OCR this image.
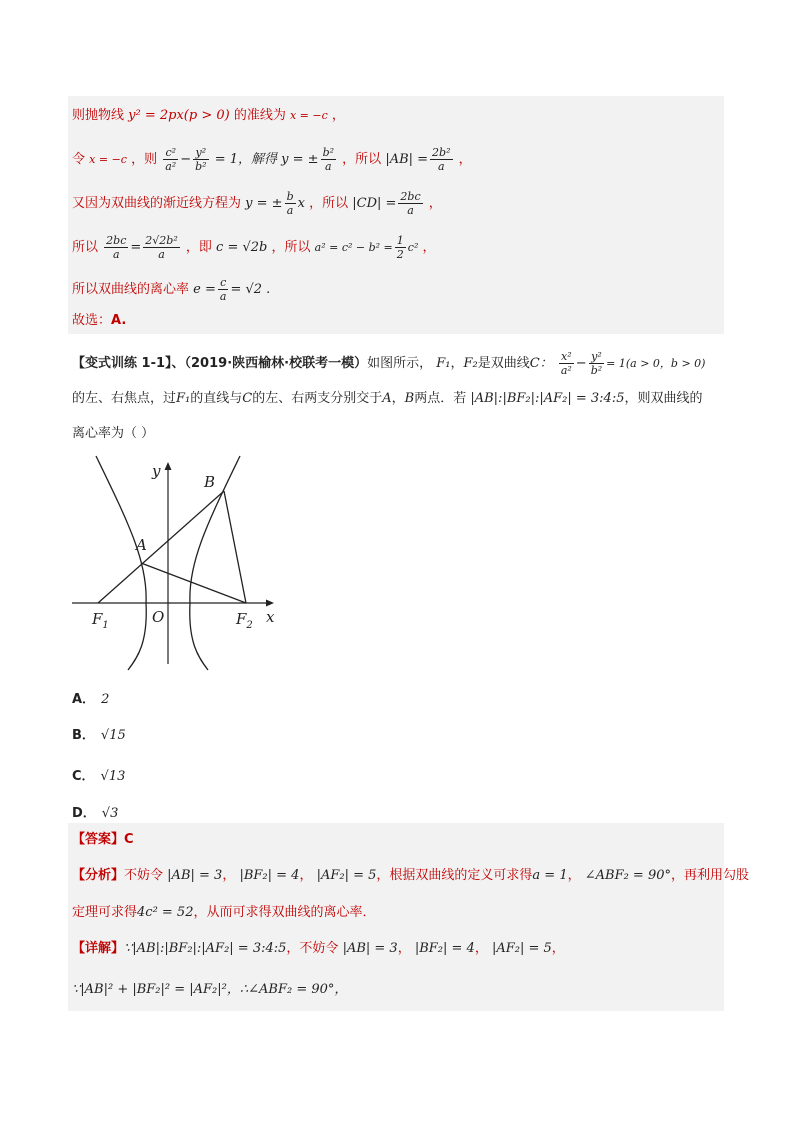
则抛物线 y² = 2px(p > 0) 的准线为 x = −c ，
令 x = −c ，则 $\frac{\text{c²}}{\text{a²}} - \frac{\text{y²}}{\text{b²}} = 1$，解得 y = ± $\frac{\text{b²}}{a}$ ，所以 $|AB| = \frac{\text{2b²}}{a}$ ，
又因为双曲线的渐近线方程为 y = ± $\frac{b}{a}$ x ，所以 $|CD| = \frac{2bc}{a}$ ，
所以 $\frac{2bc}{a} = \frac{\text{2√2b²}}{a}$ ，即 c = √2b ，所以 $a^2 = c^2 - b^2 = \frac{1}{2} c^2$ ，
所以双曲线的离心率 $e = \frac{c}{a} = √2$ .
故选：A.
【变式训练 1-1】、（2019·陕西榆林·校联考一模）如图所示， F₁，F₂是双曲线C： $\frac{\text{x²}}{\text{a²}} - \frac{\text{y²}}{\text{b²}} = 1(a > 0$，b > 0)
的左、右焦点，过F₁的直线与C的左、右两支分别交于A，B两点．若 |AB|:|BF₂|:|AF₂| = 3:4:5，则双曲线的
离心率为（ ）
y
B
A
O	x
$F_1$	$F_2$
A． 2
B． √15
C． √13
D． √3
【答案】C
【分析】不妨令 |AB| = 3， |BF₂| = 4， |AF₂| = 5，根据双曲线的定义可求得a = 1， ∠ABF₂ = 90°，再利用勾股
定理可求得4c² = 52，从而可求得双曲线的离心率．
【详解】∵|AB|:|BF₂|:|AF₂| = 3:4:5，不妨令 |AB| = 3， |BF₂| = 4， |AF₂| = 5，
∵|AB|² + |BF₂|² = |AF₂|²，∴∠ABF₂ = 90°，
